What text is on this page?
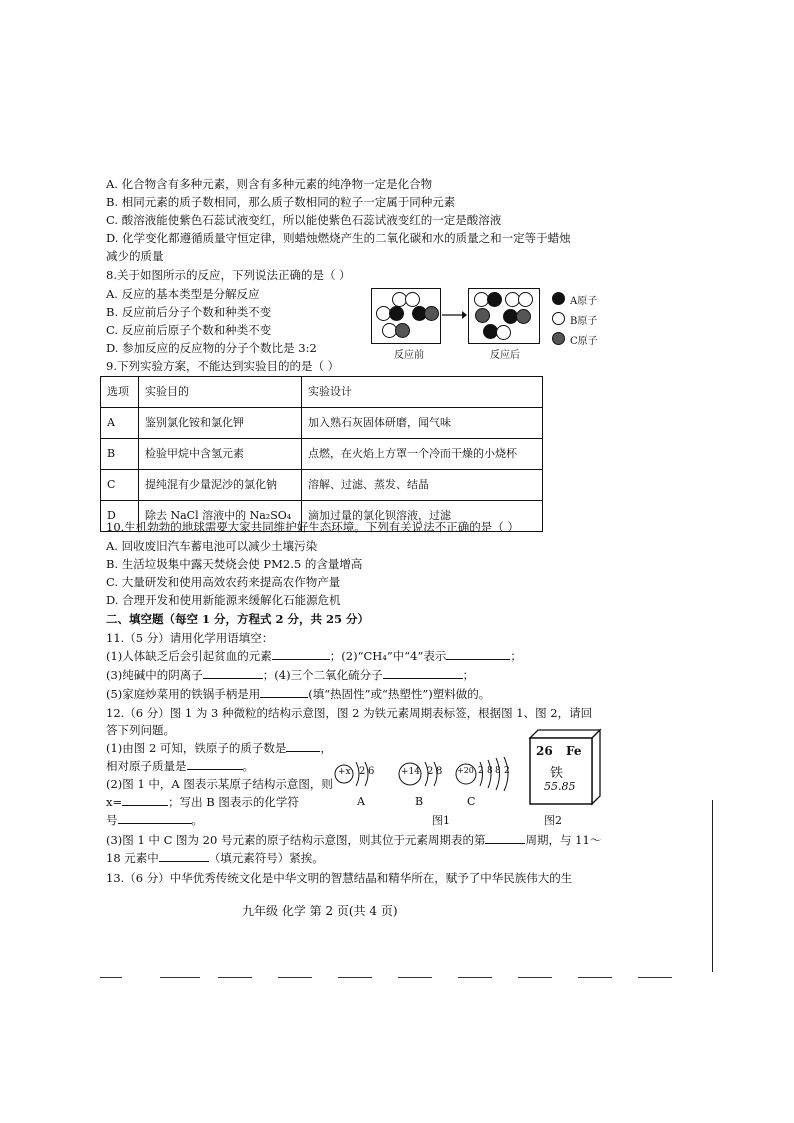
A. 化合物含有多种元素，则含有多种元素的纯净物一定是化合物
B. 相同元素的质子数相同，那么质子数相同的粒子一定属于同种元素
C. 酸溶液能使紫色石蕊试液变红，所以能使紫色石蕊试液变红的一定是酸溶液
D. 化学变化都遵循质量守恒定律，则蜡烛燃烧产生的二氧化碳和水的质量之和一定等于蜡烛
减少的质量
8.关于如图所示的反应，下列说法正确的是（ ）
A. 反应的基本类型是分解反应
B. 反应前后分子个数和种类不变
C. 反应前后原子个数和种类不变
D. 参加反应的反应物的分子个数比是 3:2
反应前	反应后
A原子
B原子
C原子
9.下列实验方案，不能达到实验目的的是（ ）
选项	实验目的	实验设计
A	鉴别氯化铵和氯化钾	加入熟石灰固体研磨，闻气味
B	检验甲烷中含氢元素	点燃，在火焰上方罩一个冷而干燥的小烧杯
C	提纯混有少量泥沙的氯化钠	溶解、过滤、蒸发、结晶
D	除去 NaCl 溶液中的 Na₂SO₄	滴加过量的氯化钡溶液，过滤
10.生机勃勃的地球需要大家共同维护好生态环境。下列有关说法不正确的是（ ）
A. 回收废旧汽车蓄电池可以减少土壤污染
B. 生活垃圾集中露天焚烧会使 PM2.5 的含量增高
C. 大量研发和使用高效农药来提高农作物产量
D. 合理开发和使用新能源来缓解化石能源危机
二、填空题（每空 1 分，方程式 2 分，共 25 分）
11.（5 分）请用化学用语填空：
(1)人体缺乏后会引起贫血的元素	；(2)“CH₄”中“4”表示	；
(3)纯碱中的阴离子	；(4)三个二氧化硫分子	；
(5)家庭炒菜用的铁锅手柄是用	(填“热固性”或“热塑性”)塑料做的。
12.（6 分）图 1 为 3 种微粒的结构示意图，图 2 为铁元素周期表标签，根据图 1、图 2，请回
答下列问题。
(1)由图 2 可知，铁原子的质子数是	，
相对原子质量是	。
(2)图 1 中，A 图表示某原子结构示意图，则
x=	；写出 B 图表示的化学符
号	。
+x 2 6
A
+14 2 8
B
+20 2 8 8 2
C
图1
26 Fe
铁
55.85
图2
(3)图 1 中 C 图为 20 号元素的原子结构示意图，则其位于元素周期表的第	周期，与 11～
18 元素中	（填元素符号）紧挨。
13.（6 分）中华优秀传统文化是中华文明的智慧结晶和精华所在，赋予了中华民族伟大的生
九年级 化学 第 2 页(共 4 页)
